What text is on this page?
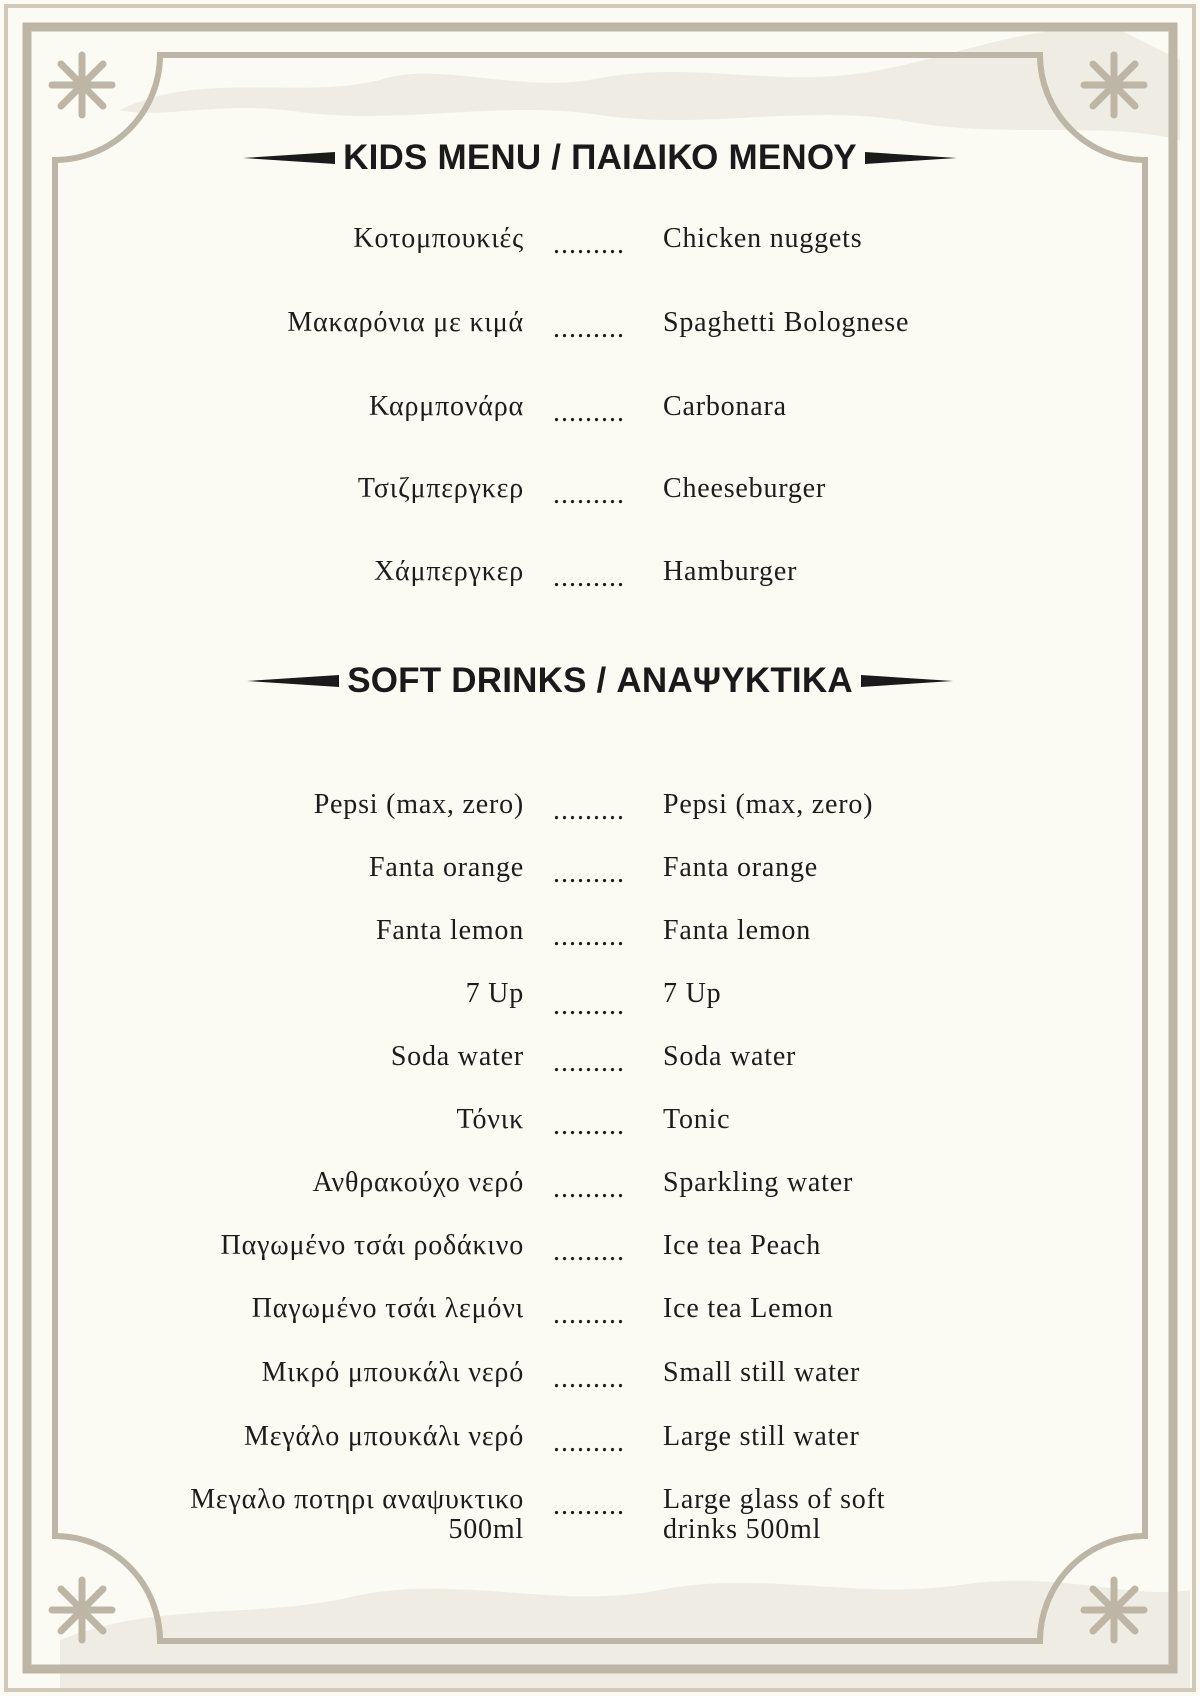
KIDS MENU / ΠΑΙΔΙΚΟ ΜΕΝΟΥ
Κοτομπουκιές ......... Chicken nuggets
Μακαρόνια με κιμά ......... Spaghetti Bolognese
Καρμπονάρα ......... Carbonara
Τσιζμπεργκερ ......... Cheeseburger
Χάμπεργκερ ......... Hamburger
SOFT DRINKS / ΑΝΑΨΥΚΤΙΚΑ
Pepsi (max, zero) ......... Pepsi (max, zero)
Fanta orange ......... Fanta orange
Fanta lemon ......... Fanta lemon
7 Up ......... 7 Up
Soda water ......... Soda water
Τόνικ ......... Tonic
Ανθρακούχο νερό ......... Sparkling water
Παγωμένο τσάι ροδάκινο ......... Ice tea Peach
Παγωμένο τσάι λεμόνι ......... Ice tea Lemon
Μικρό μπουκάλι νερό ......... Small still water
Μεγάλο μπουκάλι νερό ......... Large still water
Μεγαλο ποτηρι αναψυκτικο 500ml
......... Large glass of soft drinks 500ml
